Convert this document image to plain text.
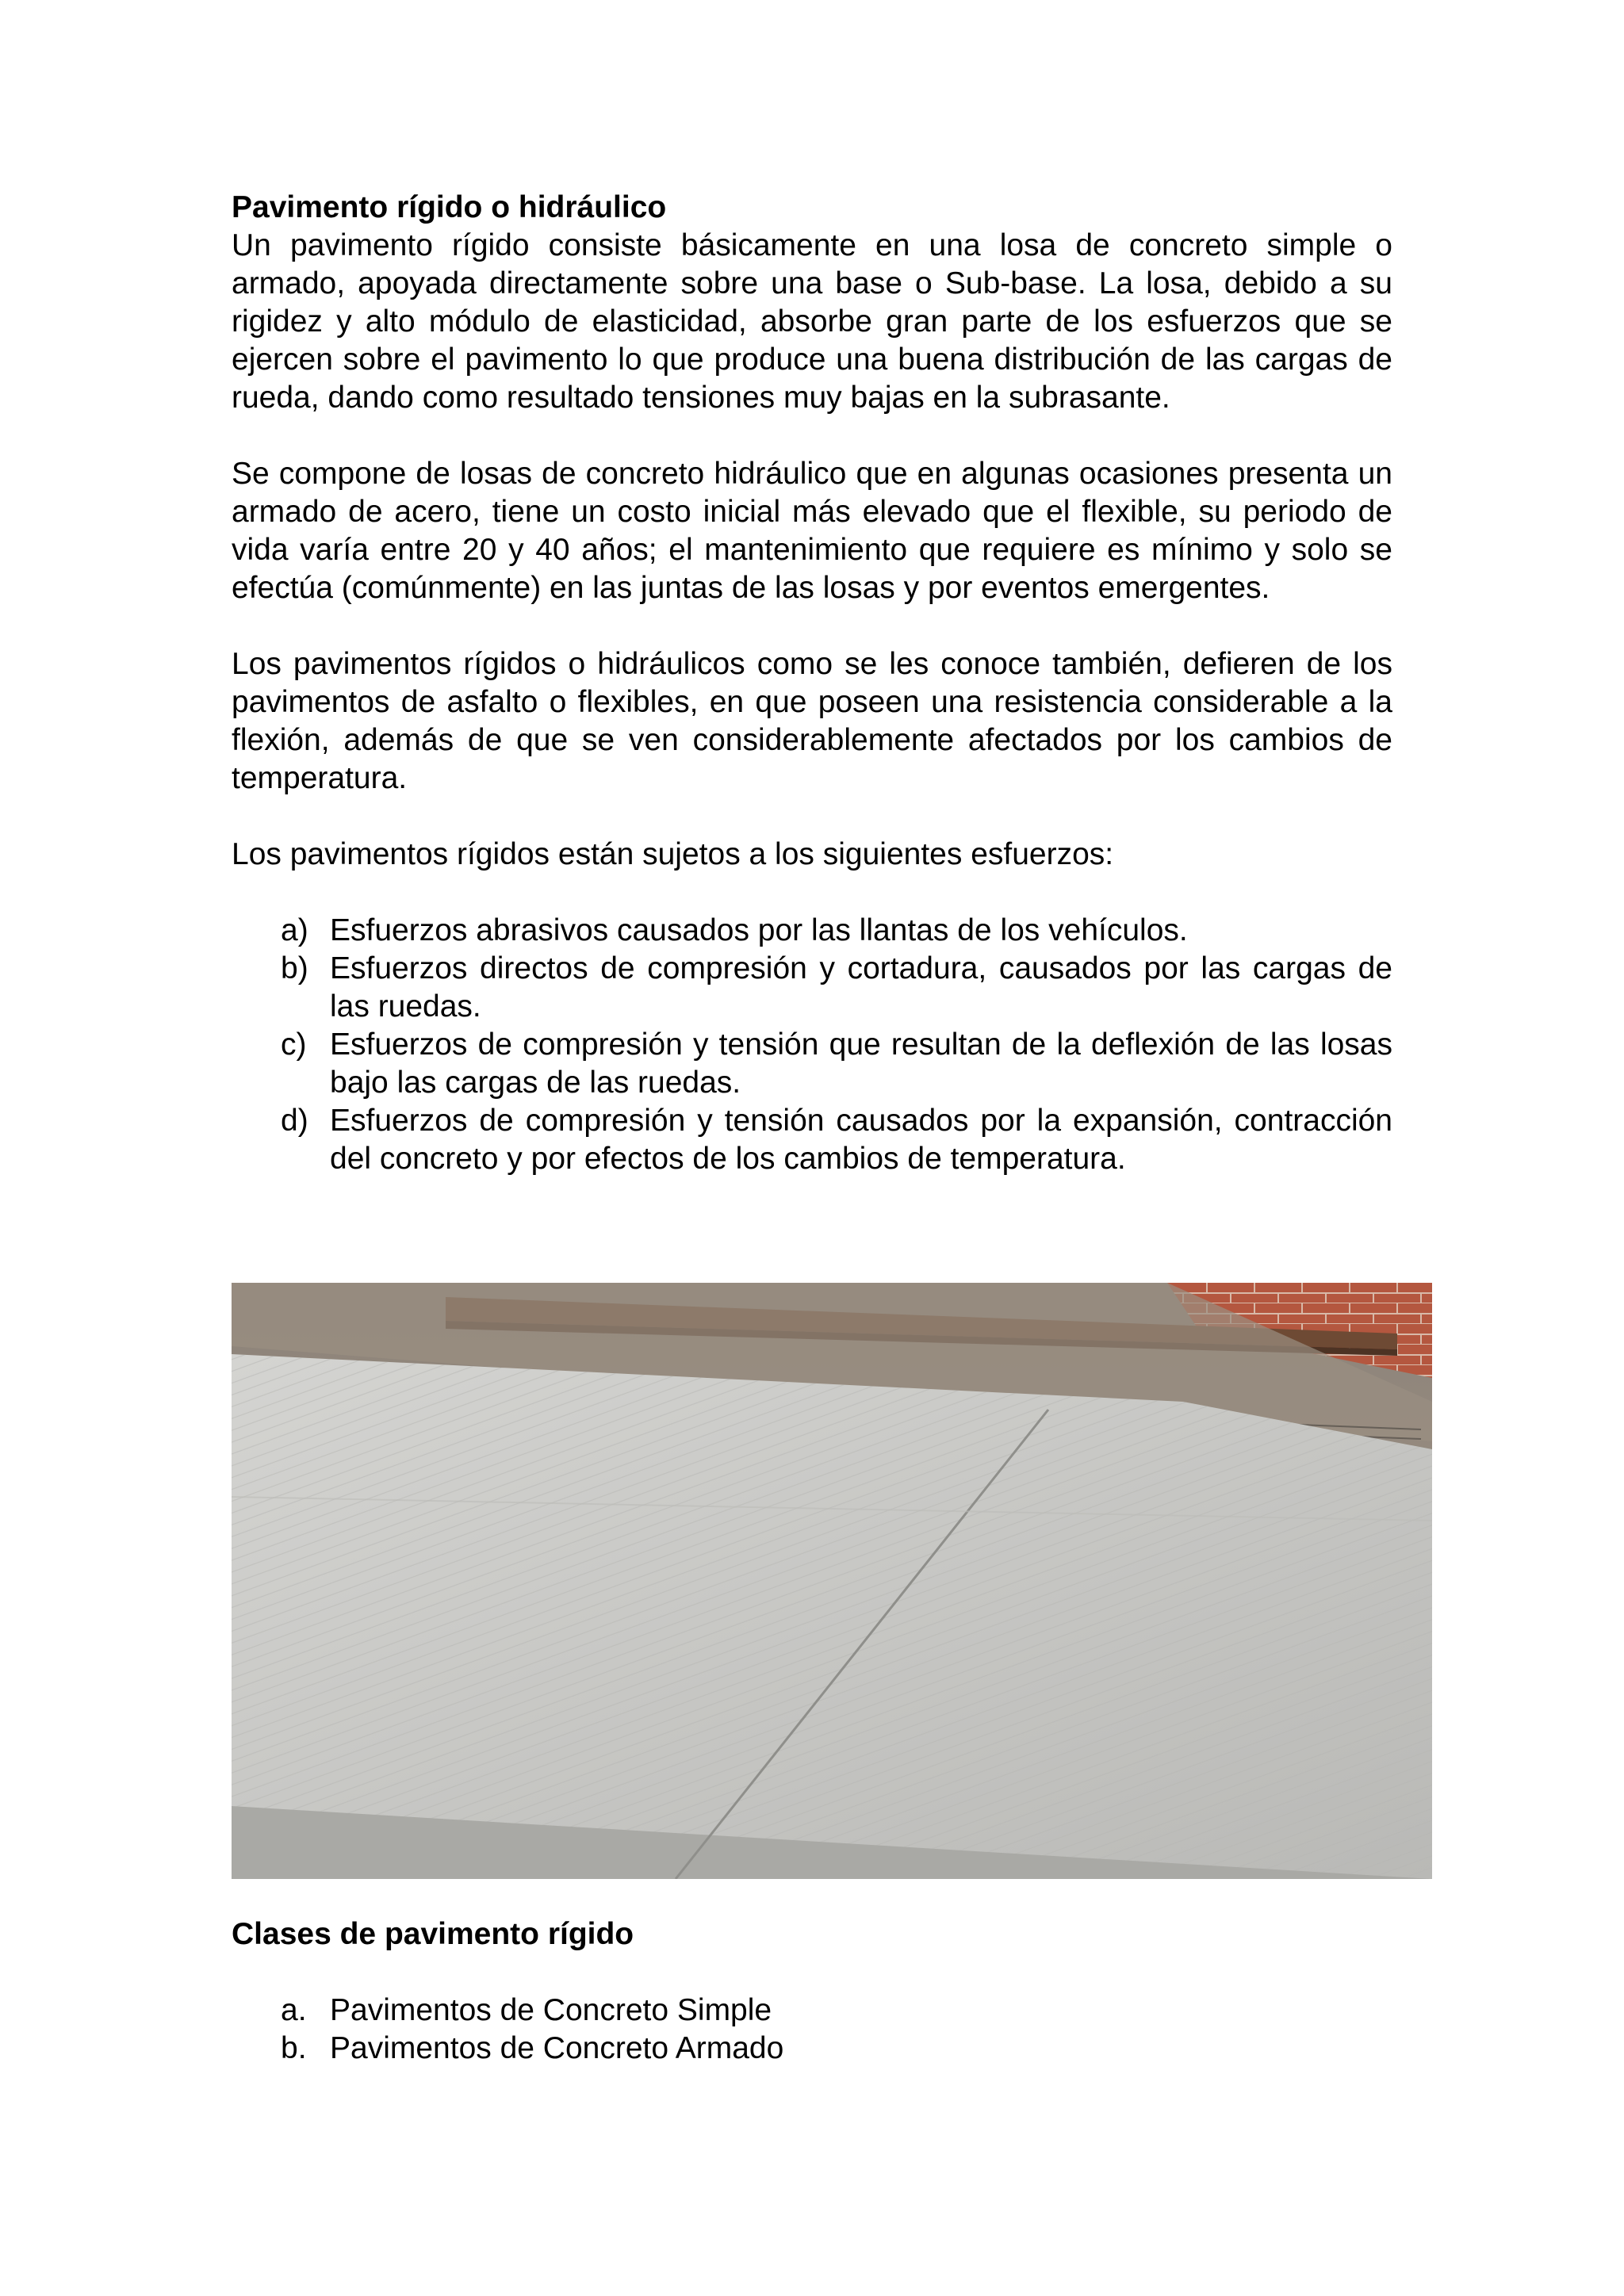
Pavimento rígido o hidráulico

Un pavimento rígido consiste básicamente en una losa de concreto simple o armado, apoyada directamente sobre una base o Sub-base. La losa, debido a su rigidez y alto módulo de elasticidad, absorbe gran parte de los esfuerzos que se ejercen sobre el pavimento lo que produce una buena distribución de las cargas de rueda, dando como resultado tensiones muy bajas en la subrasante.

Se compone de losas de concreto hidráulico que en algunas ocasiones presenta un armado de acero, tiene un costo inicial más elevado que el flexible, su periodo de vida varía entre 20 y 40 años; el mantenimiento que requiere es mínimo y solo se efectúa (comúnmente) en las juntas de las losas y por eventos emergentes.

Los pavimentos rígidos o hidráulicos como se les conoce también, defieren de los pavimentos de asfalto o flexibles, en que poseen una resistencia considerable a la flexión, además de que se ven considerablemente afectados por los cambios de temperatura.

Los pavimentos rígidos están sujetos a los siguientes esfuerzos:

a) Esfuerzos abrasivos causados por las llantas de los vehículos.
b) Esfuerzos directos de compresión y cortadura, causados por las cargas de las ruedas.
c) Esfuerzos de compresión y tensión que resultan de la deflexión de las losas bajo las cargas de las ruedas.
d) Esfuerzos de compresión y tensión causados por la expansión, contracción del concreto y por efectos de los cambios de temperatura.
Clases de pavimento rígido
a. Pavimentos de Concreto Simple
b. Pavimentos de Concreto Armado
